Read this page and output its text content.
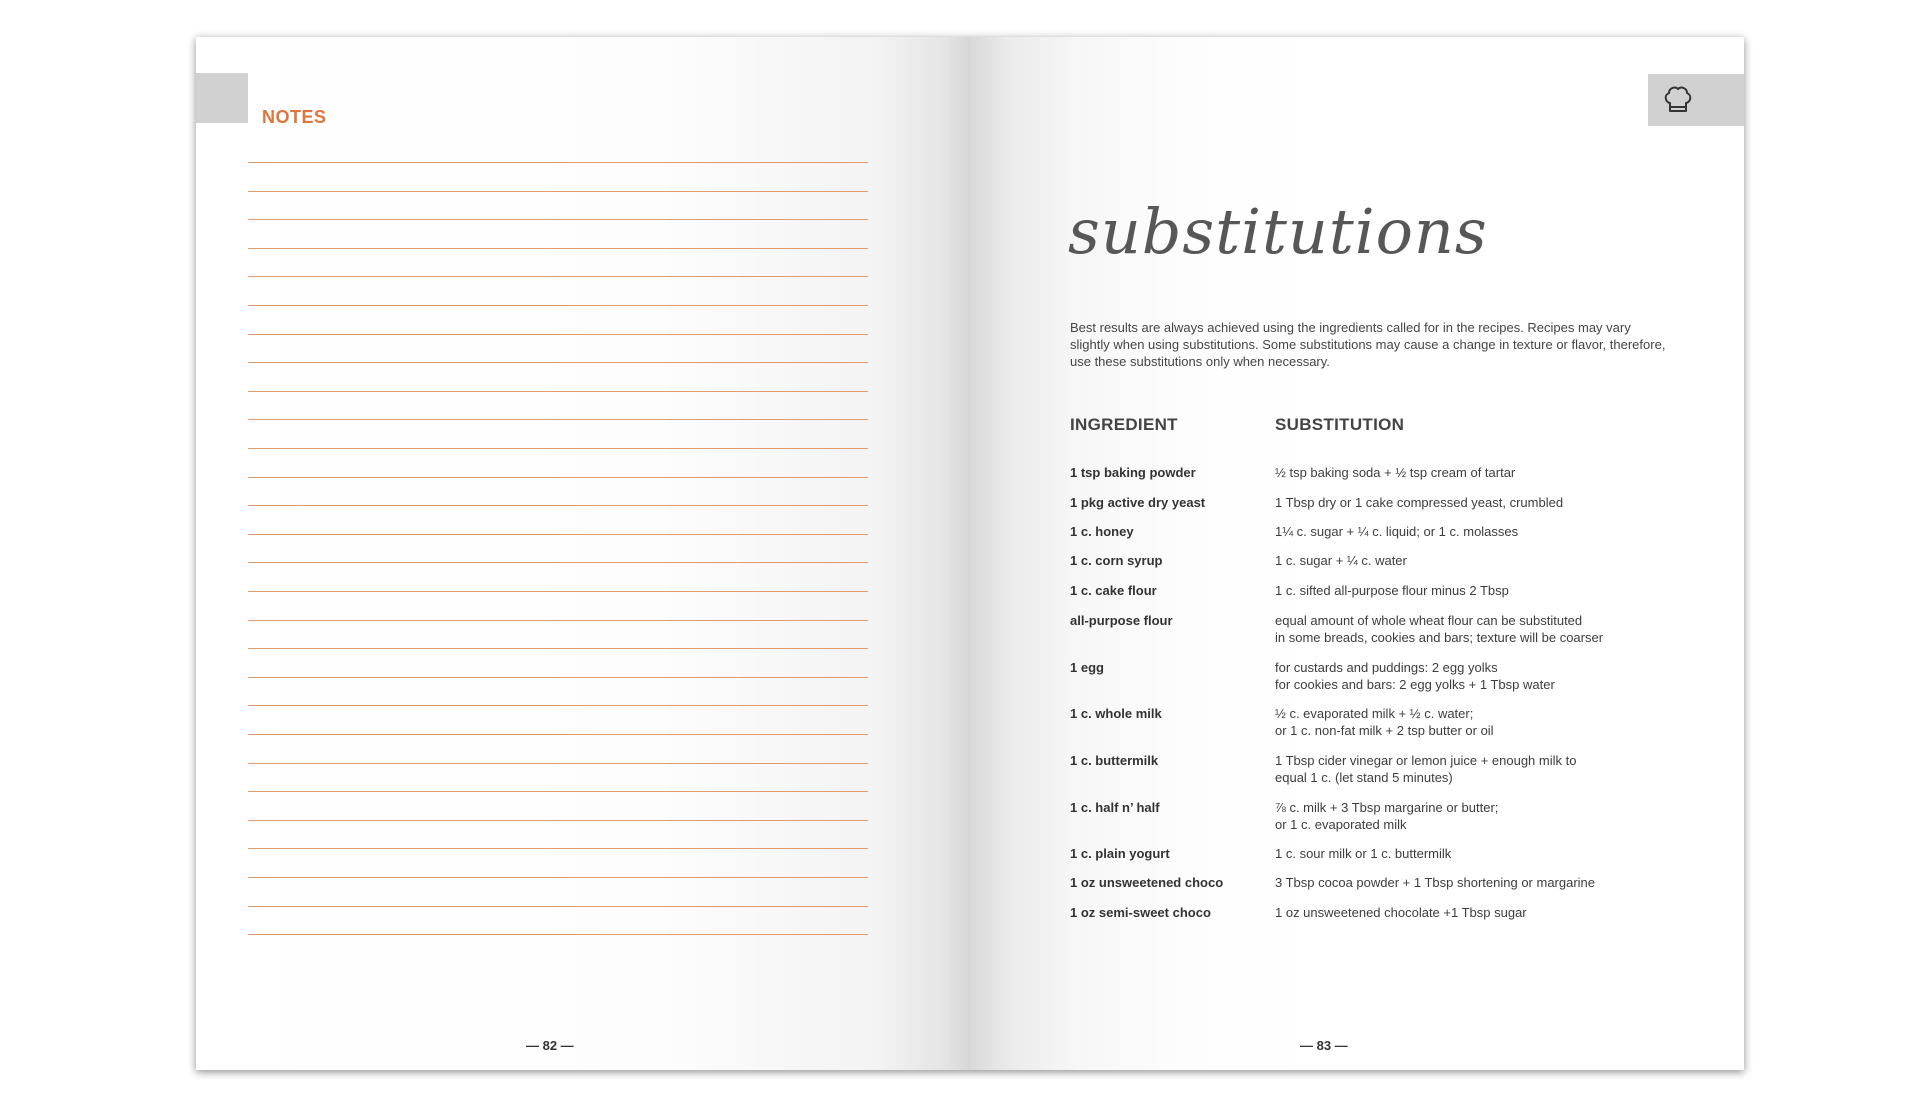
NOTES
— 82 —
substitutions
Best results are always achieved using the ingredients called for in the recipes. Recipes may vary slightly when using substitutions. Some substitutions may cause a change in texture or flavor, therefore, use these substitutions only when necessary.
INGREDIENT	SUBSTITUTION
1 tsp baking powder	½ tsp baking soda + ½ tsp cream of tartar
1 pkg active dry yeast	1 Tbsp dry or 1 cake compressed yeast, crumbled
1 c. honey	1¼ c. sugar + ¼ c. liquid; or 1 c. molasses
1 c. corn syrup	1 c. sugar + ¼ c. water
1 c. cake flour	1 c. sifted all-purpose flour minus 2 Tbsp
all-purpose flour	equal amount of whole wheat flour can be substituted
in some breads, cookies and bars; texture will be coarser
1 egg	for custards and puddings: 2 egg yolks
for cookies and bars: 2 egg yolks + 1 Tbsp water
1 c. whole milk	½ c. evaporated milk + ½ c. water;
or 1 c. non-fat milk + 2 tsp butter or oil
1 c. buttermilk	1 Tbsp cider vinegar or lemon juice + enough milk to
equal 1 c. (let stand 5 minutes)
1 c. half n’ half	⅞ c. milk + 3 Tbsp margarine or butter;
or 1 c. evaporated milk
1 c. plain yogurt	1 c. sour milk or 1 c. buttermilk
1 oz unsweetened choco	3 Tbsp cocoa powder + 1 Tbsp shortening or margarine
1 oz semi-sweet choco	1 oz unsweetened chocolate +1 Tbsp sugar
— 83 —
